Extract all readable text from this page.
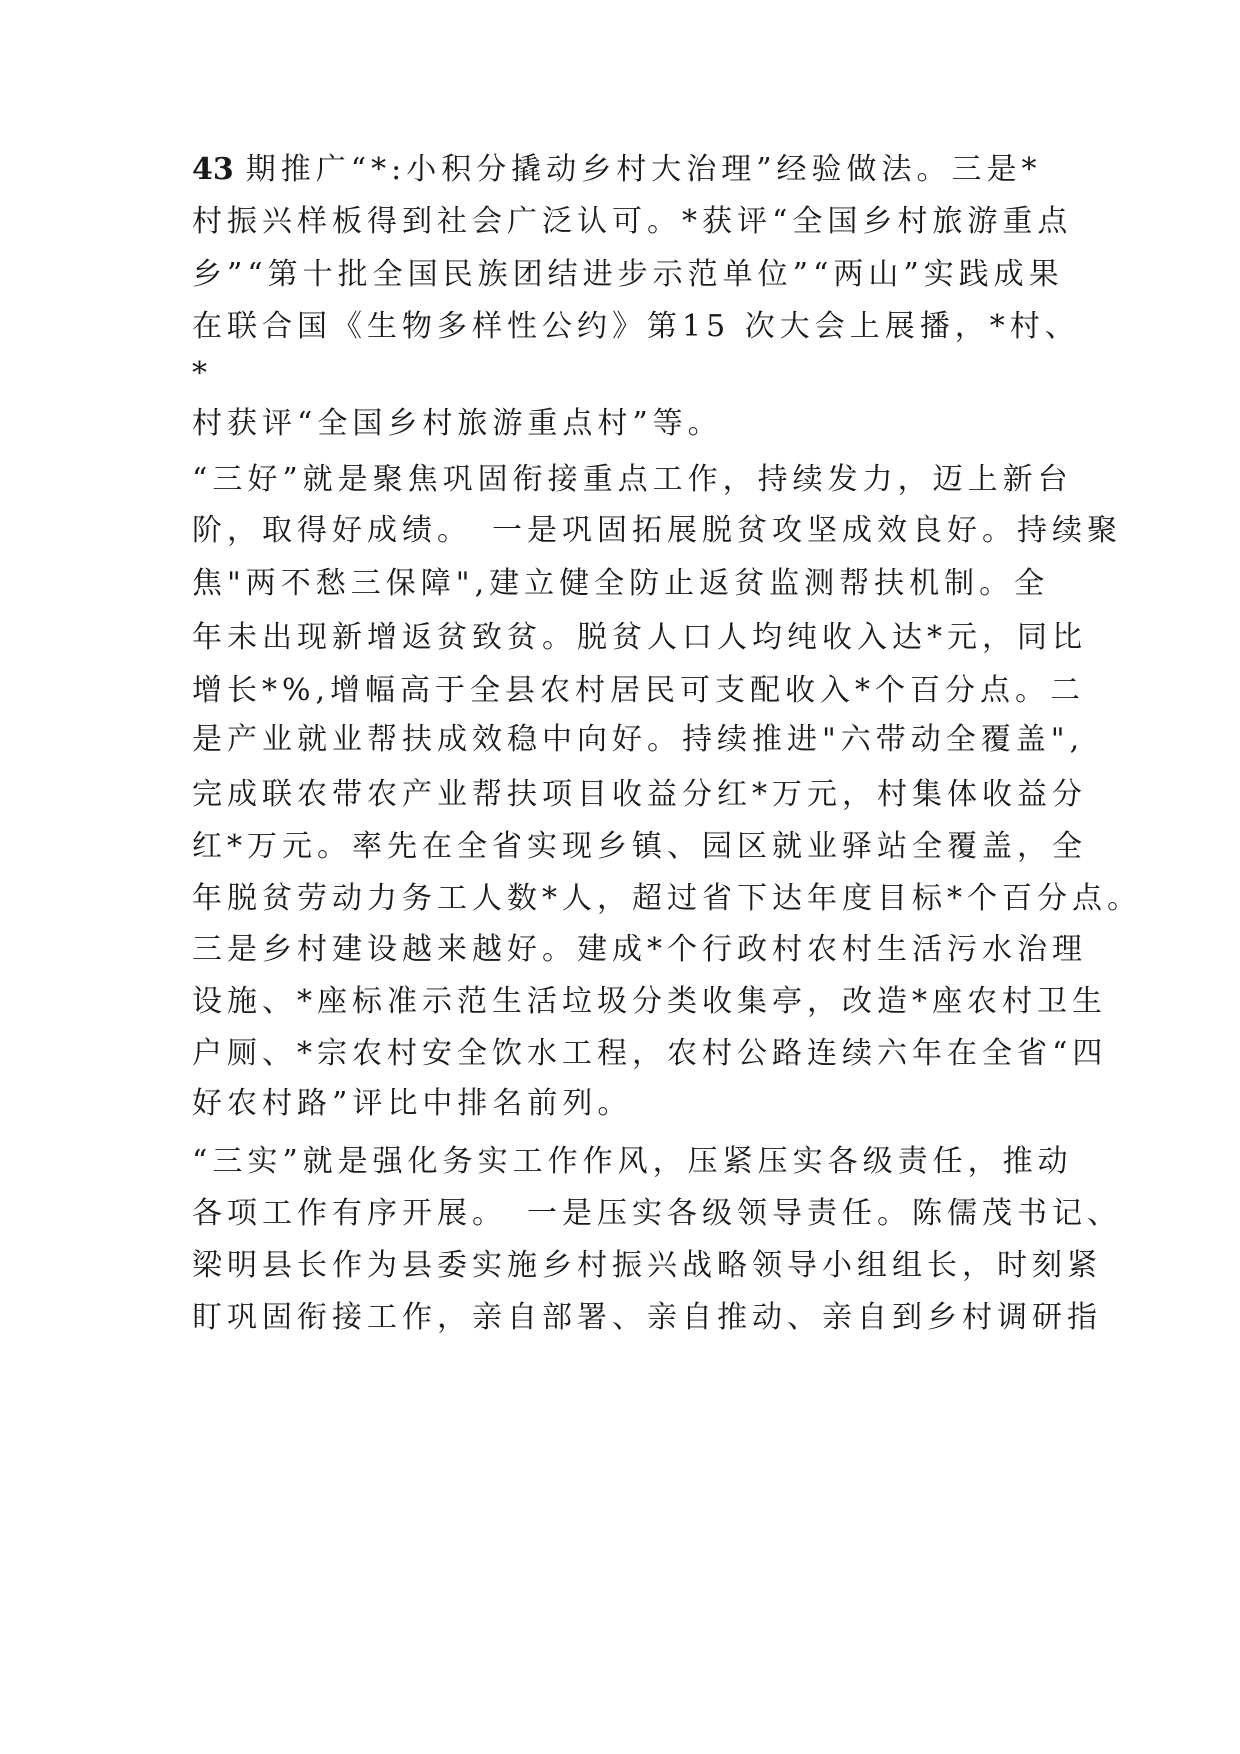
43 期推广“*:小积分撬动乡村大治理”经验做法。三是*
村振兴样板得到社会广泛认可。*获评“全国乡村旅游重点
乡”“第十批全国民族团结进步示范单位”“两山”实践成果
在联合国《生物多样性公约》第15 次大会上展播，*村、
*
村获评“全国乡村旅游重点村”等。
“三好”就是聚焦巩固衔接重点工作，持续发力，迈上新台
阶，取得好成绩。　一是巩固拓展脱贫攻坚成效良好。持续聚
焦"两不愁三保障",建立健全防止返贫监测帮扶机制。全
年未出现新增返贫致贫。脱贫人口人均纯收入达*元，同比
增长*%,增幅高于全县农村居民可支配收入*个百分点。二
是产业就业帮扶成效稳中向好。持续推进"六带动全覆盖",
完成联农带农产业帮扶项目收益分红*万元，村集体收益分
红*万元。率先在全省实现乡镇、园区就业驿站全覆盖，全
年脱贫劳动力务工人数*人，超过省下达年度目标*个百分点。
三是乡村建设越来越好。建成*个行政村农村生活污水治理
设施、*座标准示范生活垃圾分类收集亭，改造*座农村卫生
户厕、*宗农村安全饮水工程，农村公路连续六年在全省“四
好农村路”评比中排名前列。
“三实”就是强化务实工作作风，压紧压实各级责任，推动
各项工作有序开展。　一是压实各级领导责任。陈儒茂书记、
梁明县长作为县委实施乡村振兴战略领导小组组长，时刻紧
盯巩固衔接工作，亲自部署、亲自推动、亲自到乡村调研指
